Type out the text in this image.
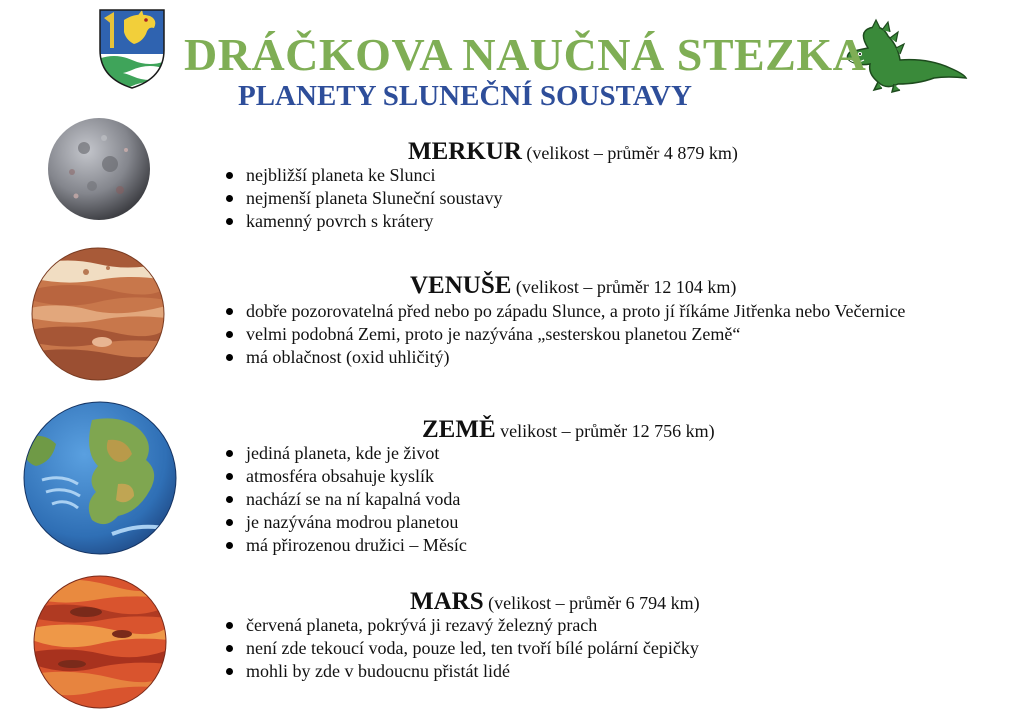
DRÁČKOVA NAUČNÁ STEZKA
PLANETY SLUNEČNÍ SOUSTAVY
MERKUR (velikost – průměr 4 879 km)
nejbližší planeta ke Slunci
nejmenší planeta Sluneční soustavy
kamenný povrch s krátery
VENUŠE (velikost – průměr 12 104 km)
dobře pozorovatelná před nebo po západu Slunce, a proto jí říkáme Jitřenka nebo Večernice
velmi podobná Zemi, proto je nazývána „sesterskou planetou Země“
má oblačnost (oxid uhličitý)
ZEMĚ velikost – průměr 12 756 km)
jediná planeta, kde je život
atmosféra obsahuje kyslík
nachází se na ní kapalná voda
je nazývána modrou planetou
má přirozenou družici – Měsíc
MARS (velikost – průměr 6 794 km)
červená planeta, pokrývá ji rezavý železný prach
není zde tekoucí voda, pouze led, ten tvoří bílé polární čepičky
mohli by zde v budoucnu přistát lidé
